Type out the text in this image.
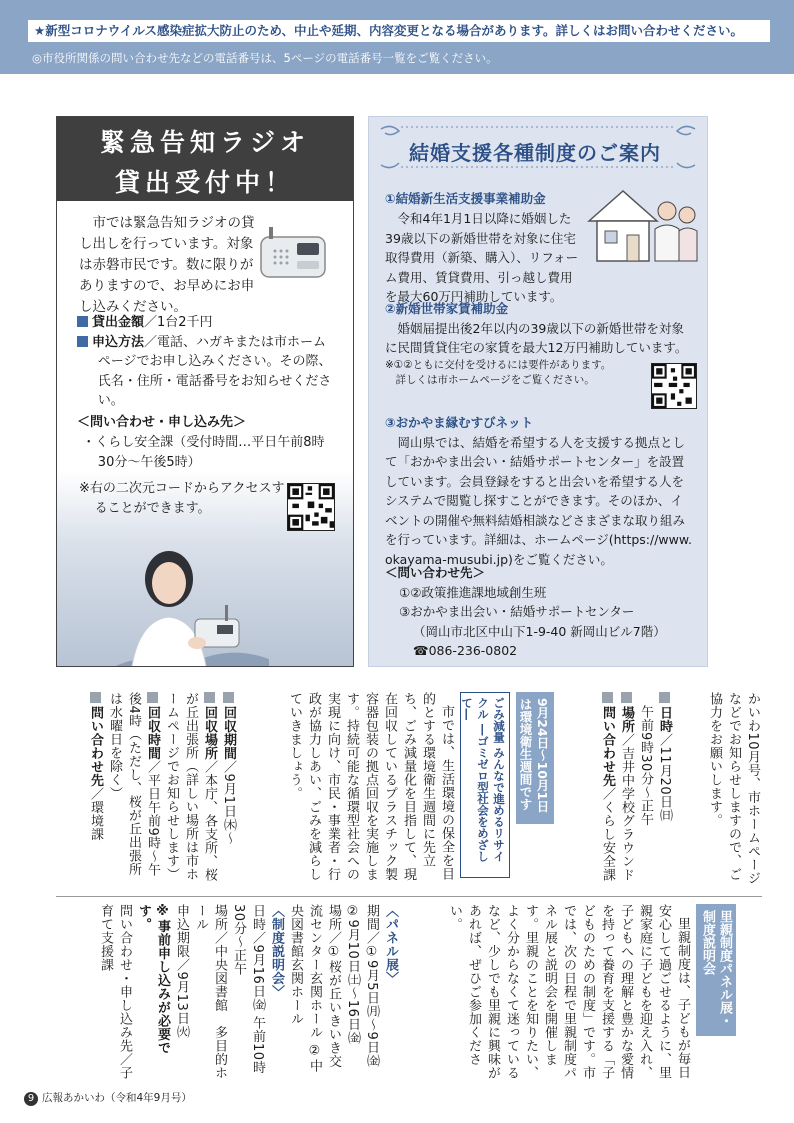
★新型コロナウイルス感染症拡大防止のため、中止や延期、内容変更となる場合があります。詳しくはお問い合わせください。
◎市役所関係の問い合わせ先などの電話番号は、5ページの電話番号一覧をご覧ください。
緊急告知ラジオ
貸出受付中！
市では緊急告知ラジオの貸し出しを行っています。対象は赤磐市民です。数に限りがありますので、お早めにお申し込みください。

貸出金額／1台2千円

申込方法／電話、ハガキまたは市ホームページでお申し込みください。その際、氏名・住所・電話番号をお知らせください。

＜問い合わせ・申し込み先＞
・くらし安全課（受付時間…平日午前8時30分～午後5時）
※右の二次元コードからアクセスすることができます。
結婚支援各種制度のご案内
①結婚新生活支援事業補助金
令和4年1月1日以降に婚姻した39歳以下の新婚世帯を対象に住宅取得費用（新築、購入）、リフォーム費用、賃貸費用、引っ越し費用を最大60万円補助しています。
②新婚世帯家賃補助金
婚姻届提出後2年以内の39歳以下の新婚世帯を対象に民間賃貸住宅の家賃を最大12万円補助しています。
※①②ともに交付を受けるには要件があります。
詳しくは市ホームページをご覧ください。
③おかやま縁むすびネット
岡山県では、結婚を希望する人を支援する拠点として「おかやま出会い・結婚サポートセンター」を設置しています。会員登録をすると出会いを希望する人をシステムで閲覧し探すことができます。そのほか、イベントの開催や無料結婚相談などさまざまな取り組みを行っています。詳細は、ホームページ(https://www.okayama-musubi.jp)をご覧ください。
＜問い合わせ先＞
①②政策推進課地域創生班
③おかやま出会い・結婚サポートセンター
（岡山市北区中山下1-9-40 新岡山ビル7階）
☎086-236-0802

かいわ10月号、市ホームページなどでお知らせしますので、ご協力をお願いします。

日時／11月20日㈰

午前9時30分～正午

場所／吉井中学校グラウンド

問い合わせ先／くらし安全課

9月24日～10月1日は環境衛生週間です
ごみ減量 みんなで進めるリサイクル ―ゴミゼロ型社会をめざして―

市では、生活環境の保全を目的とする環境衛生週間に先立ち、ごみ減量化を目指して、現在回収しているプラスチック製容器包装の拠点回収を実施します。持続可能な循環型社会への実現に向け、市民・事業者・行政が協力しあい、ごみを減らしていきましょう。

回収期間／9月1日㈭～

回収場所／本庁、各支所、桜が丘出張所（詳しい場所は市ホームページでお知らせします）

回収時間／平日午前9時～午後4時（ただし、桜が丘出張所は水曜日を除く）

問い合わせ先／環境課

里親制度パネル展・制度説明会

里親制度は、子どもが毎日安心して過ごせるように、里親家庭に子どもを迎え入れ、子どもへの理解と豊かな愛情を持って養育を支援する「子どものための制度」です。市では、次の日程で里親制度パネル展と説明会を開催します。里親のことを知りたい、よく分からなくて迷っているなど、少しでも里親に興味があれば、ぜひご参加ください。

〈パネル展〉

期間／①9月5日㈪～9日㈮ ②9月10日㈯～16日㈮

場所／①桜が丘いきいき交流センター玄関ホール ②中央図書館玄関ホール

〈制度説明会〉

日時／9月16日㈮ 午前10時30分～正午

場所／中央図書館　多目的ホール

申込期限／9月13日㈫

※事前申し込みが必要です。

問い合わせ・申し込み先／子育て支援課

9 広報あかいわ（令和4年9月号）
